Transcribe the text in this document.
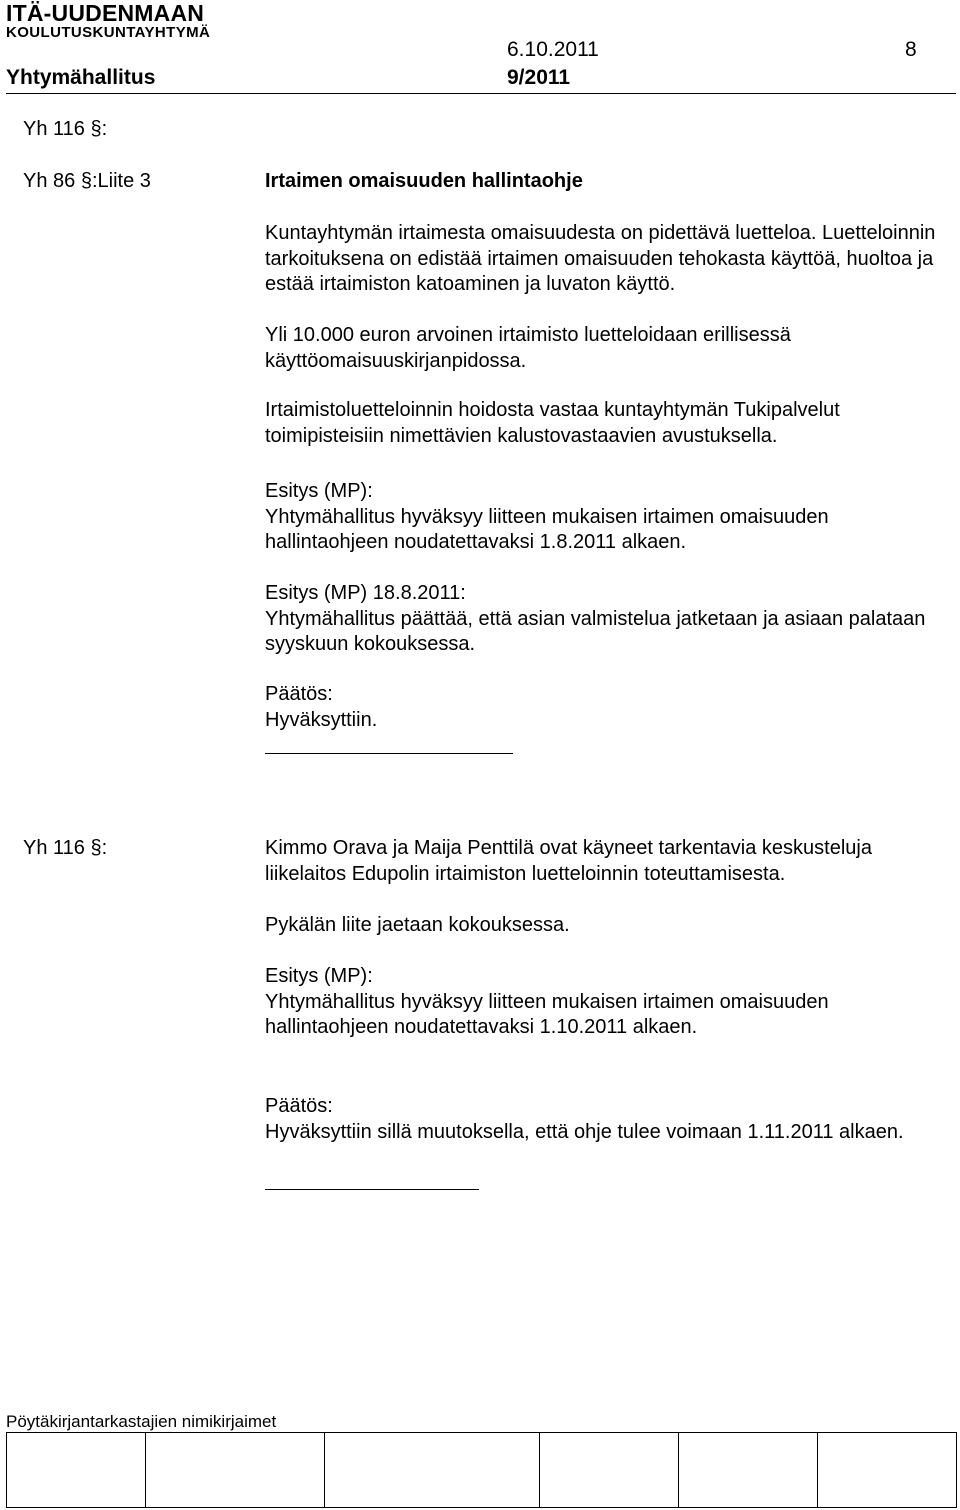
ITÄ-UUDENMAAN
KOULUTUSKUNTAYHTYMÄ
6.10.2011	8
Yhtymähallitus	9/2011
Yh 116 §:
Yh 86 §:Liite 3	Irtaimen omaisuuden hallintaohje

Kuntayhtymän irtaimesta omaisuudesta on pidettävä luetteloa. Luetteloinnin tarkoituksena on edistää irtaimen omaisuuden tehokasta käyttöä, huoltoa ja estää irtaimiston katoaminen ja luvaton käyttö.

Yli 10.000 euron arvoinen irtaimisto luetteloidaan erillisessä käyttöomaisuuskirjanpidossa.

Irtaimistoluetteloinnin hoidosta vastaa kuntayhtymän Tukipalvelut toimipisteisiin nimettävien kalustovastaavien avustuksella.

Esitys (MP):

Yhtymähallitus hyväksyy liitteen mukaisen irtaimen omaisuuden hallintaohjeen noudatettavaksi 1.8.2011 alkaen.

Esitys (MP) 18.8.2011:

Yhtymähallitus päättää, että asian valmistelua jatketaan ja asiaan palataan syyskuun kokouksessa.

Päätös:

Hyväksyttiin.

Yh 116 §:	Kimmo Orava ja Maija Penttilä ovat käyneet tarkentavia keskusteluja liikelaitos Edupolin irtaimiston luetteloinnin toteuttamisesta.

Pykälän liite jaetaan kokouksessa.

Esitys (MP):

Yhtymähallitus hyväksyy liitteen mukaisen irtaimen omaisuuden hallintaohjeen noudatettavaksi 1.10.2011 alkaen.

Päätös:

Hyväksyttiin sillä muutoksella, että ohje tulee voimaan 1.11.2011 alkaen.

Pöytäkirjantarkastajien nimikirjaimet
